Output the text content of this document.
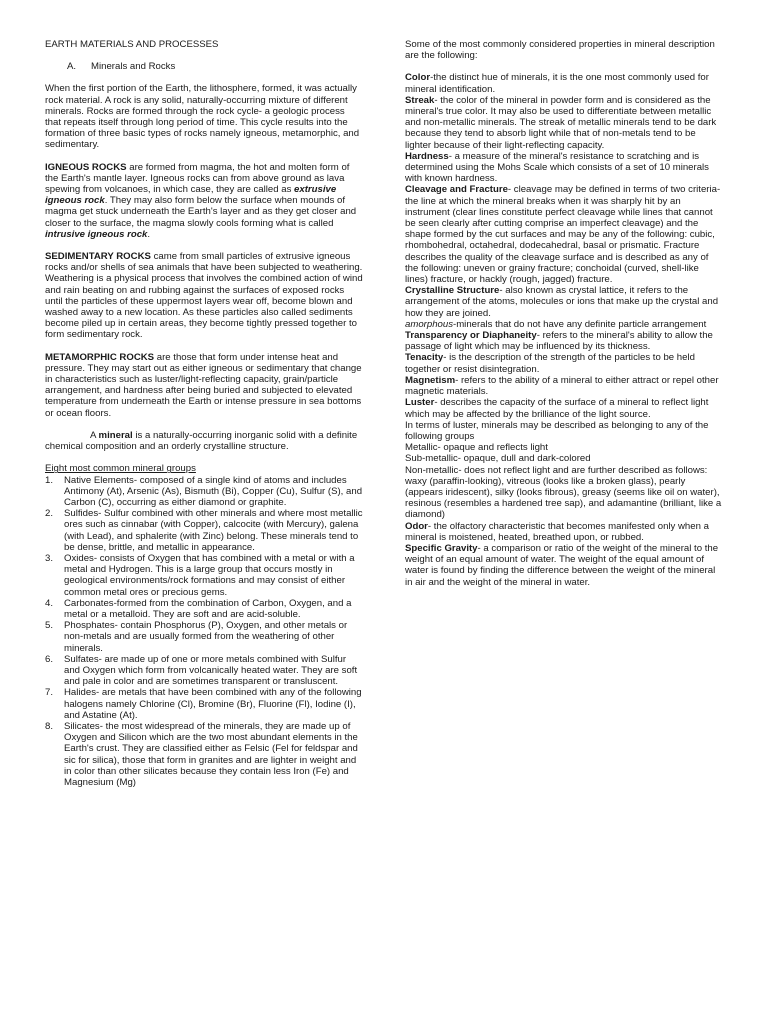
EARTH MATERIALS AND PROCESSES

A. Minerals and Rocks

When the first portion of the Earth, the lithosphere, formed, it was actually rock material. A rock is any solid, naturally-occurring mixture of different minerals. Rocks are formed through the rock cycle- a geologic process that repeats itself through long period of time. This cycle results into the formation of three basic types of rocks namely igneous, metamorphic, and sedimentary.

IGNEOUS ROCKS are formed from magma, the hot and molten form of the Earth's mantle layer. Igneous rocks can from above ground as lava spewing from volcanoes, in which case, they are called as extrusive igneous rock. They may also form below the surface when mounds of magma get stuck underneath the Earth's layer and as they get closer and closer to the surface, the magma slowly cools forming what is called intrusive igneous rock.

SEDIMENTARY ROCKS came from small particles of extrusive igneous rocks and/or shells of sea animals that have been subjected to weathering. Weathering is a physical process that involves the combined action of wind and rain beating on and rubbing against the surfaces of exposed rocks until the particles of these uppermost layers wear off, become blown and washed away to a new location. As these particles also called sediments become piled up in certain areas, they become tightly pressed together to form sedimentary rock.

METAMORPHIC ROCKS are those that form under intense heat and pressure. They may start out as either igneous or sedimentary that change in characteristics such as luster/light-reflecting capacity, grain/particle arrangement, and hardness after being buried and subjected to elevated temperature from underneath the Earth or intense pressure in sea bottoms or ocean floors.

A mineral is a naturally-occurring inorganic solid with a definite chemical composition and an orderly crystalline structure.

Eight most common mineral groups

1. Native Elements- composed of a single kind of atoms and includes Antimony (At), Arsenic (As), Bismuth (Bi), Copper (Cu), Sulfur (S), and Carbon (C), occurring as either diamond or graphite.
2. Sulfides- Sulfur combined with other minerals and where most metallic ores such as cinnabar (with Copper), calcocite (with Mercury), galena (with Lead), and sphalerite (with Zinc) belong. These minerals tend to be dense, brittle, and metallic in appearance.
3. Oxides- consists of Oxygen that has combined with a metal or with a metal and Hydrogen. This is a large group that occurs mostly in geological environments/rock formations and may consist of either common metal ores or precious gems.
4. Carbonates-formed from the combination of Carbon, Oxygen, and a metal or a metalloid. They are soft and are acid-soluble.
5. Phosphates- contain Phosphorus (P), Oxygen, and other metals or non-metals and are usually formed from the weathering of other minerals.
6. Sulfates- are made up of one or more metals combined with Sulfur and Oxygen which form from volcanically heated water. They are soft and pale in color and are sometimes transparent or transluscent.
7. Halides- are metals that have been combined with any of the following halogens namely Chlorine (Cl), Bromine (Br), Fluorine (Fl), Iodine (I), and Astatine (At).
8. Silicates- the most widespread of the minerals, they are made up of Oxygen and Silicon which are the two most abundant elements in the Earth's crust. They are classified either as Felsic (Fel for feldspar and sic for silica), those that form in granites and are lighter in weight and in color than other silicates because they contain less Iron (Fe) and Magnesium (Mg)

Some of the most commonly considered properties in mineral description are the following:

Color-the distinct hue of minerals, it is the one most commonly used for mineral identification.

Streak- the color of the mineral in powder form and is considered as the mineral's true color. It may also be used to differentiate between metallic and non-metallic minerals. The streak of metallic minerals tend to be dark because they tend to absorb light while that of non-metals tend to be lighter because of their light-reflecting capacity.

Hardness- a measure of the mineral's resistance to scratching and is determined using the Mohs Scale which consists of a set of 10 minerals with known hardness.

Cleavage and Fracture- cleavage may be defined in terms of two criteria- the line at which the mineral breaks when it was sharply hit by an instrument (clear lines constitute perfect cleavage while lines that cannot be seen clearly after cutting comprise an imperfect cleavage) and the shape formed by the cut surfaces and may be any of the following: cubic, rhombohedral, octahedral, dodecahedral, basal or prismatic. Fracture describes the quality of the cleavage surface and is described as any of the following: uneven or grainy fracture; conchoidal (curved, shell-like lines) fracture, or hackly (rough, jagged) fracture.

Crystalline Structure- also known as crystal lattice, it refers to the arrangement of the atoms, molecules or ions that make up the crystal and how they are joined.

amorphous-minerals that do not have any definite particle arrangement

Transparency or Diaphaneity- refers to the mineral's ability to allow the passage of light which may be influenced by its thickness.

Tenacity- is the description of the strength of the particles to be held together or resist disintegration.

Magnetism- refers to the ability of a mineral to either attract or repel other magnetic materials.

Luster- describes the capacity of the surface of a mineral to reflect light which may be affected by the brilliance of the light source.

In terms of luster, minerals may be described as belonging to any of the following groups

Metallic- opaque and reflects light

Sub-metallic- opaque, dull and dark-colored

Non-metallic- does not reflect light and are further described as follows: waxy (paraffin-looking), vitreous (looks like a broken glass), pearly (appears iridescent), silky (looks fibrous), greasy (seems like oil on water), resinous (resembles a hardened tree sap), and adamantine (brilliant, like a diamond)

Odor- the olfactory characteristic that becomes manifested only when a mineral is moistened, heated, breathed upon, or rubbed.

Specific Gravity- a comparison or ratio of the weight of the mineral to the weight of an equal amount of water. The weight of the equal amount of water is found by finding the difference between the weight of the mineral in air and the weight of the mineral in water.
